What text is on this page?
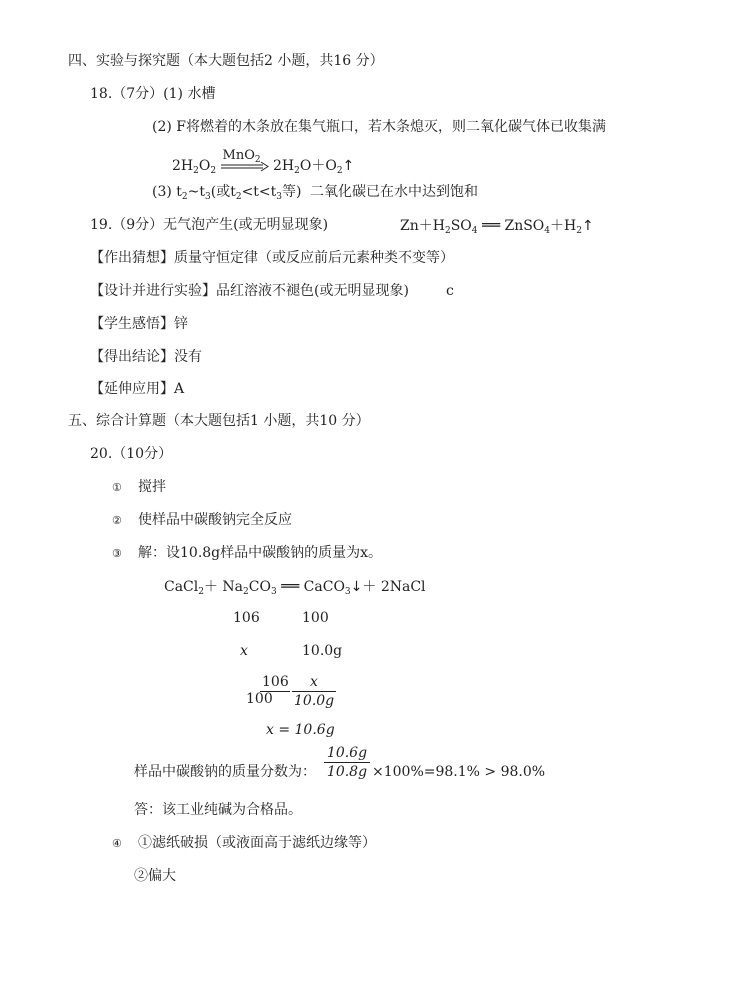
四、实验与探究题（本大题包括2 小题，共16 分）
18.（7分）(1) 水槽
(2) F将燃着的木条放在集气瓶口，若木条熄灭，则二氧化碳气体已收集满
$2H_2O_2$
MnO$_2$ $2H_2O+O_2↑$
(3) $t_2\sim t_3$(或$t_2<t<t_3$等) 二氧化碳已在水中达到饱和
19.（9分）无气泡产生(或无明显现象)	$Zn+H_2SO_4$ ══ $ZnSO_4+H_2↑$
【作出猜想】质量守恒定律（或反应前后元素种类不变等）
【设计并进行实验】品红溶液不褪色(或无明显现象)	c
【学生感悟】锌
【得出结论】没有
【延伸应用】A
五、综合计算题（本大题包括1 小题，共10 分）
20.（10分）
① 搅拌
② 使样品中碳酸钠完全反应
③ 解：设10.8g样品中碳酸钠的质量为x。
CaCl$_2$＋ $Na_2CO_3$ ══ CaCO$_3$↓＋ 2NaCl
106	100
x	10.0g
106
100
x
10.0g
x = 10.6g
样品中碳酸钠的质量分数为：
10.6g
10.8g ×100%=98.1% > 98.0%
答：该工业纯碱为合格品。
④ ①滤纸破损（或液面高于滤纸边缘等）
②偏大
